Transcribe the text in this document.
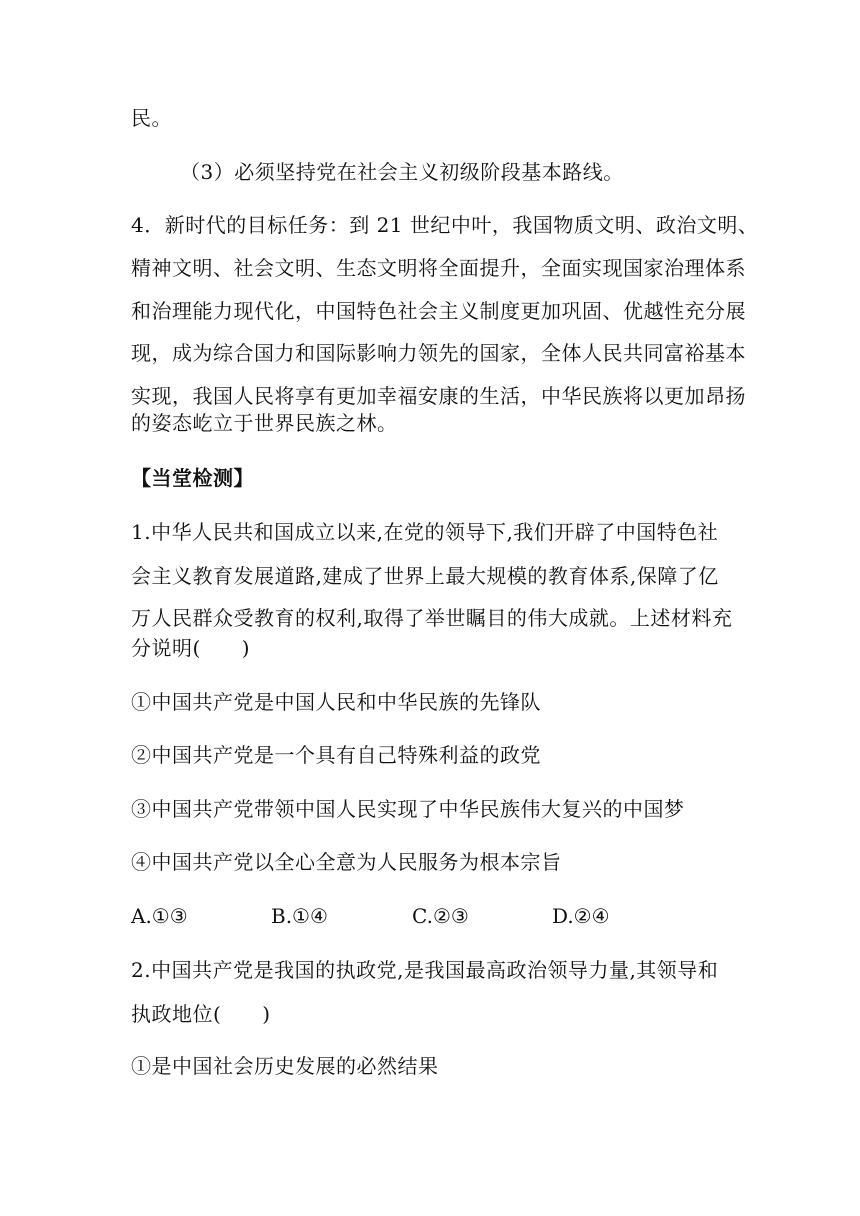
民。
（3）必须坚持党在社会主义初级阶段基本路线。
4．新时代的目标任务：到 21 世纪中叶，我国物质文明、政治文明、
精神文明、社会文明、生态文明将全面提升，全面实现国家治理体系
和治理能力现代化，中国特色社会主义制度更加巩固、优越性充分展
现，成为综合国力和国际影响力领先的国家，全体人民共同富裕基本
实现，我国人民将享有更加幸福安康的生活，中华民族将以更加昂扬
的姿态屹立于世界民族之林。
【当堂检测】
1.中华人民共和国成立以来,在党的领导下,我们开辟了中国特色社
会主义教育发展道路,建成了世界上最大规模的教育体系,保障了亿
万人民群众受教育的权利,取得了举世瞩目的伟大成就。上述材料充
分说明(　　)
①中国共产党是中国人民和中华民族的先锋队
②中国共产党是一个具有自己特殊利益的政党
③中国共产党带领中国人民实现了中华民族伟大复兴的中国梦
④中国共产党以全心全意为人民服务为根本宗旨
A.①③	B.①④	C.②③	D.②④
2.中国共产党是我国的执政党,是我国最高政治领导力量,其领导和
执政地位(　　)
①是中国社会历史发展的必然结果
